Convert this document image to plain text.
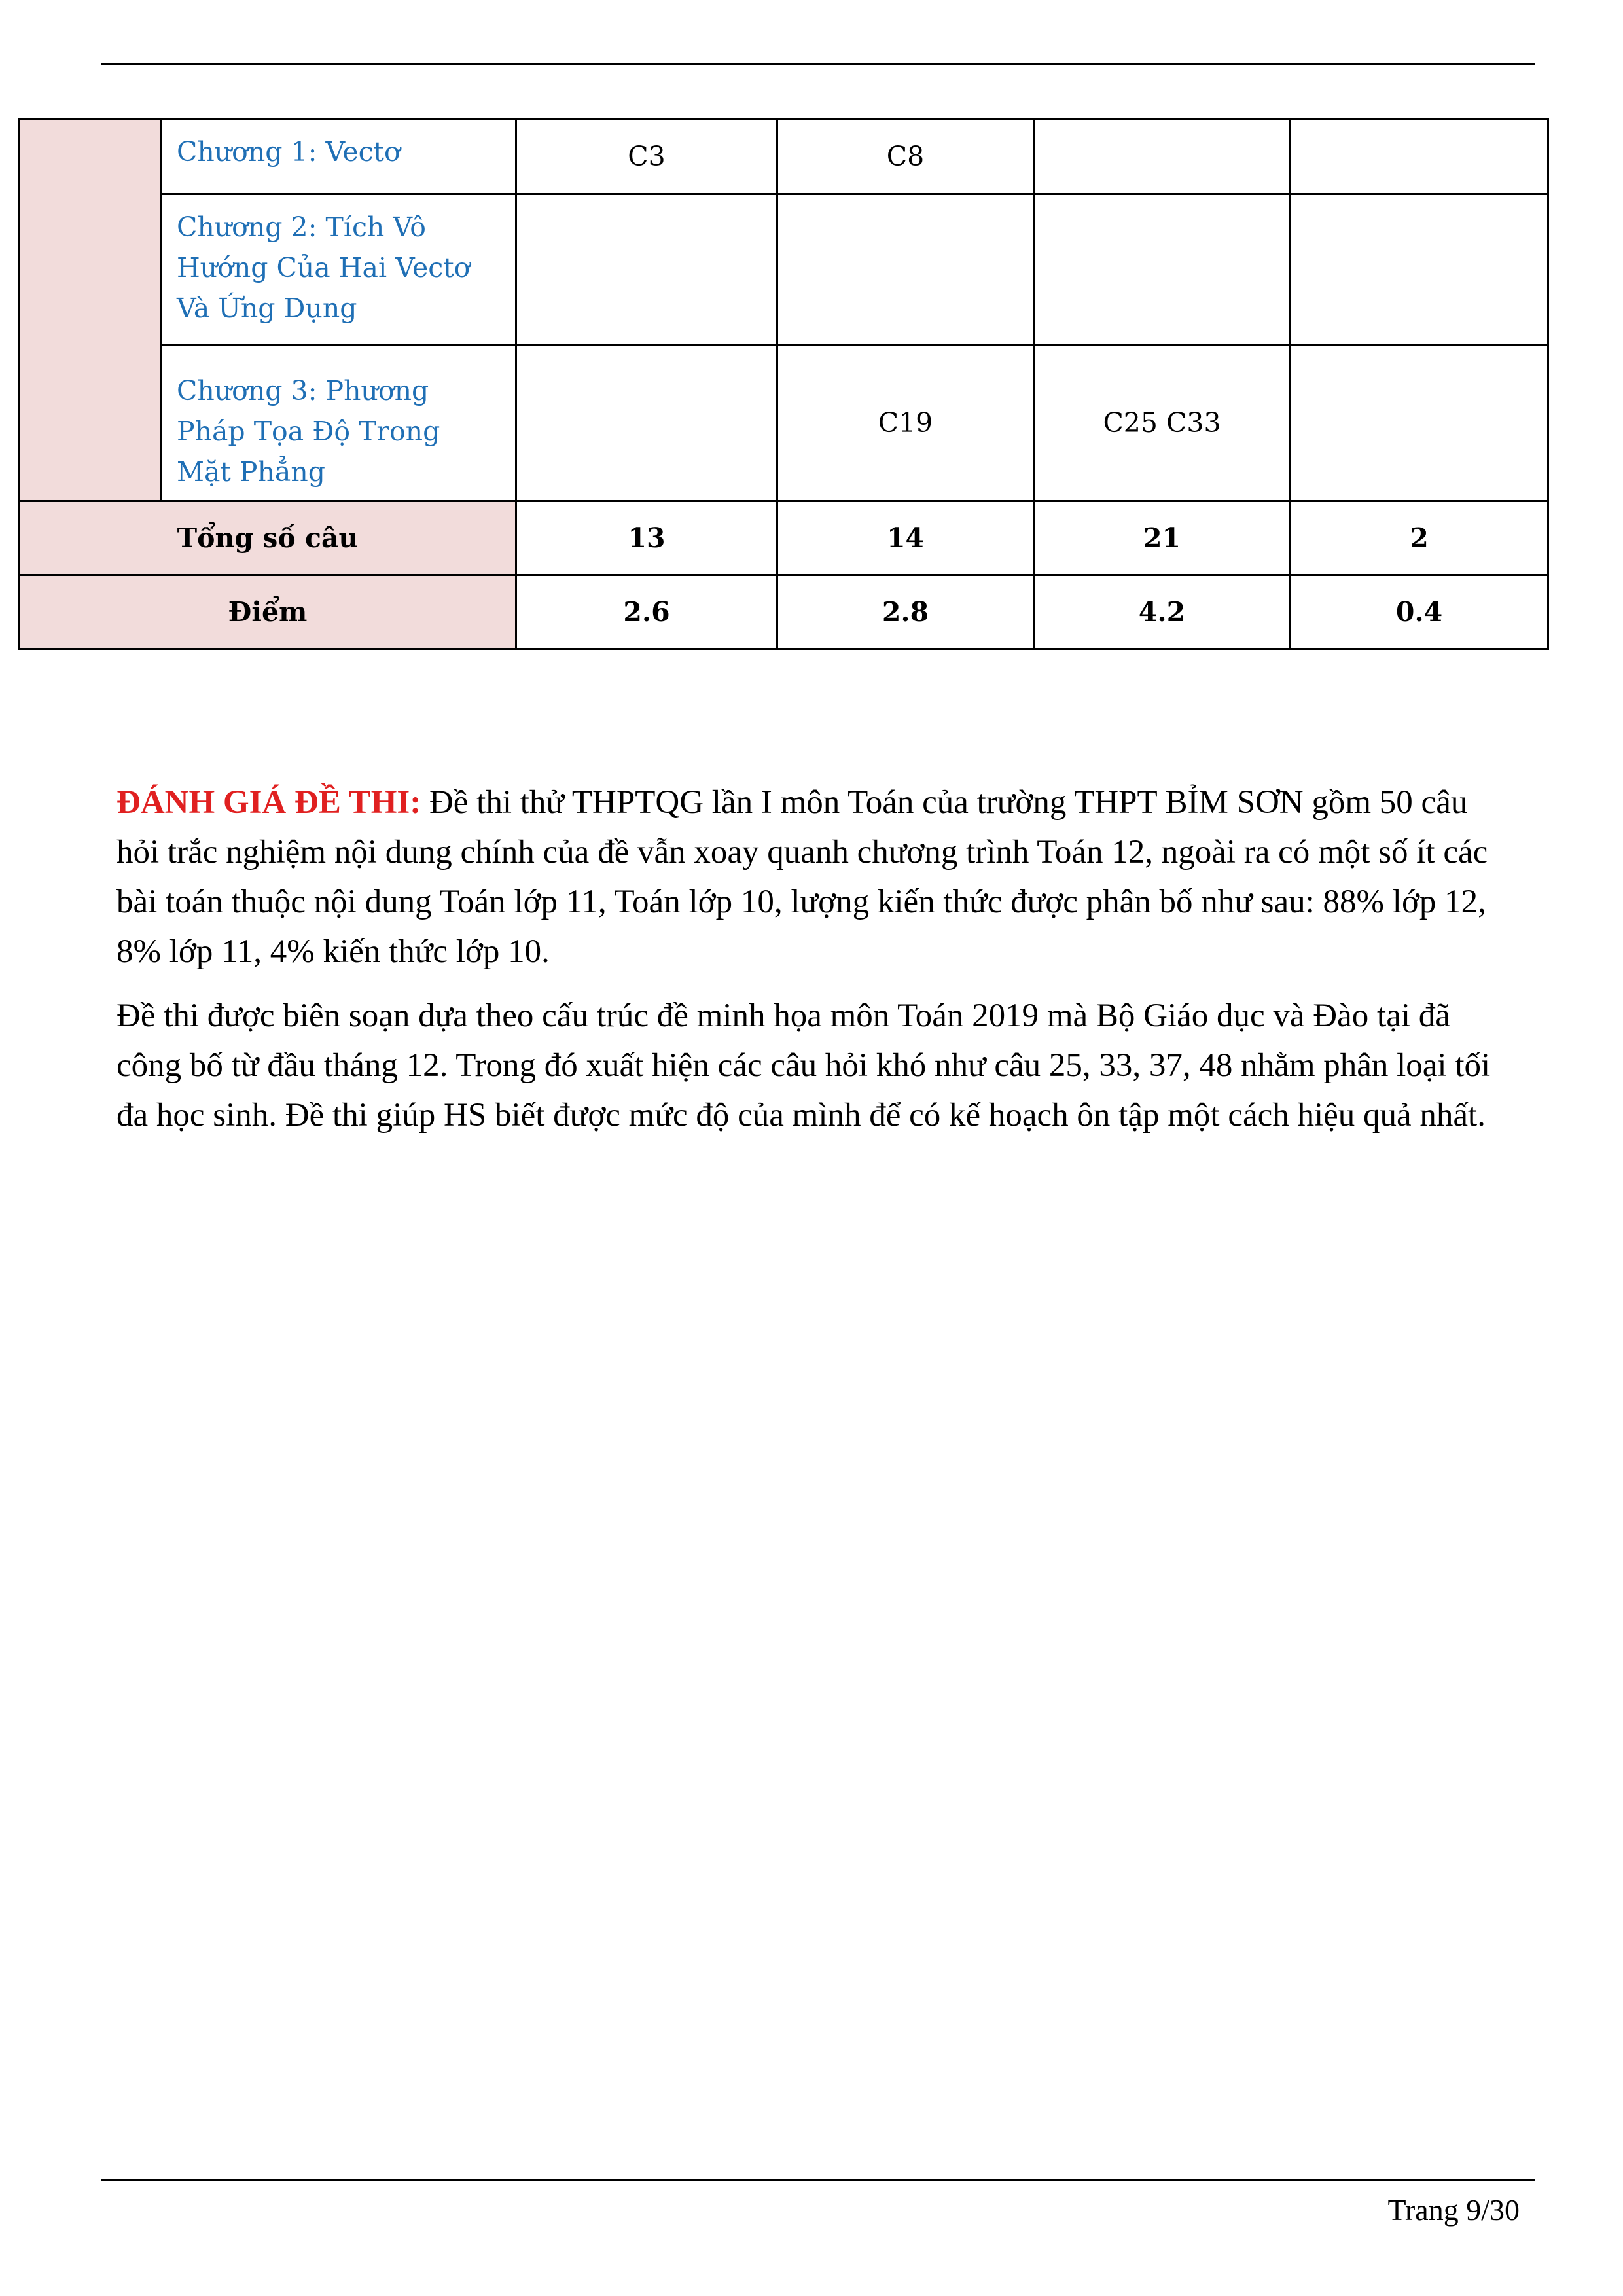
	Chương 1: Vectơ	C3	C8		
	Chương 2: Tích Vô Hướng Của Hai Vectơ Và Ứng Dụng				
	Chương 3: Phương Pháp Tọa Độ Trong Mặt Phẳng		C19	C25 C33	
Tổng số câu		13	14	21	2
Điểm		2.6	2.8	4.2	0.4

ĐÁNH GIÁ ĐỀ THI: Đề thi thử THPTQG lần I môn Toán của trường THPT BỈM SƠN gồm 50 câu hỏi trắc nghiệm nội dung chính của đề vẫn xoay quanh chương trình Toán 12, ngoài ra có một số ít các bài toán thuộc nội dung Toán lớp 11, Toán lớp 10, lượng kiến thức được phân bố như sau: 88% lớp 12, 8% lớp 11, 4% kiến thức lớp 10.

Đề thi được biên soạn dựa theo cấu trúc đề minh họa môn Toán 2019 mà Bộ Giáo dục và Đào tại đã công bố từ đầu tháng 12. Trong đó xuất hiện các câu hỏi khó như câu 25, 33, 37, 48 nhằm phân loại tối đa học sinh. Đề thi giúp HS biết được mức độ của mình để có kế hoạch ôn tập một cách hiệu quả nhất.

Trang 9/30
